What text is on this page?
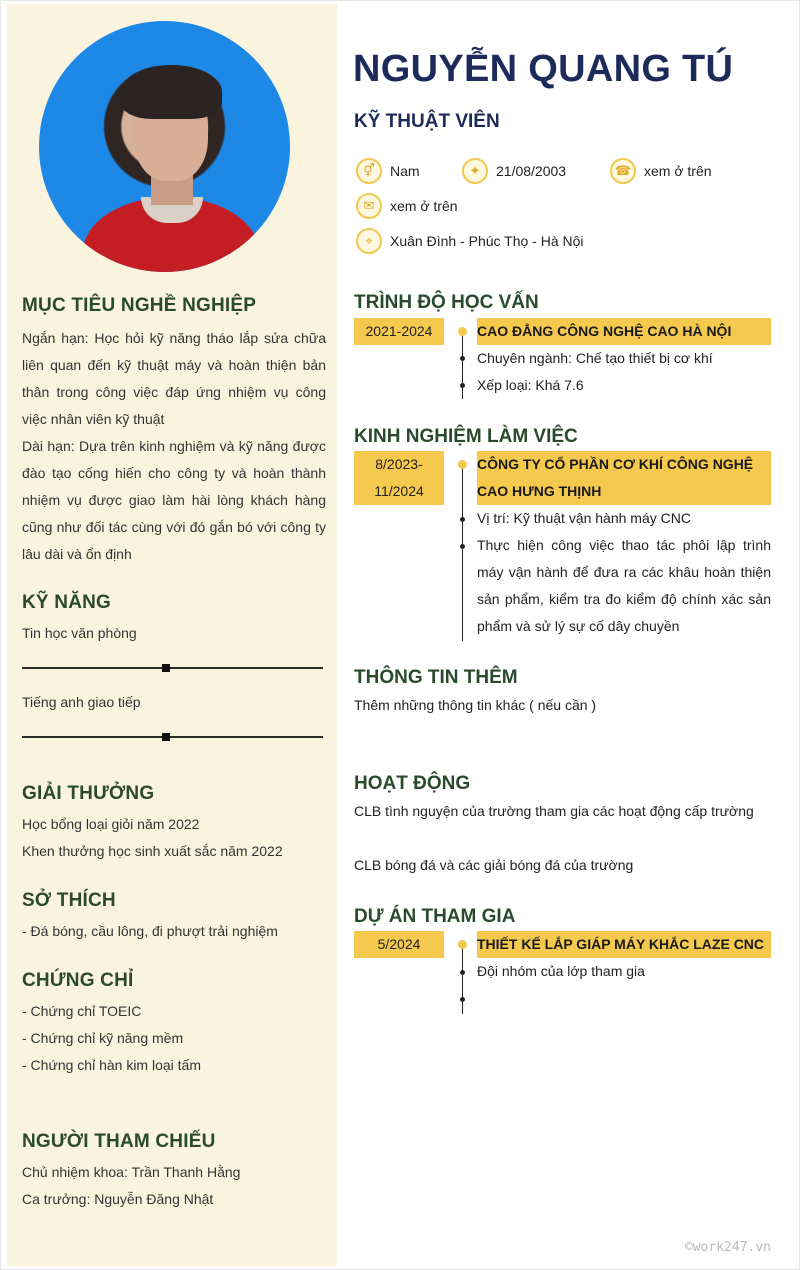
MỤC TIÊU NGHỀ NGHIỆP
Ngắn hạn: Học hỏi kỹ năng tháo lắp sửa chữa liên quan đến kỹ thuật máy và hoàn thiện bản thân trong công việc đáp ứng nhiệm vụ công việc nhân viên kỹ thuật
Dài hạn: Dựa trên kinh nghiệm và kỹ năng được đào tạo cống hiến cho công ty và hoàn thành nhiệm vụ được giao làm hài lòng khách hàng cũng như đối tác cùng với đó gắn bó với công ty lâu dài và ổn định
KỸ NĂNG
Tin học văn phòng
Tiếng anh giao tiếp
GIẢI THƯỞNG
Học bổng loại giỏi năm 2022
Khen thưởng học sinh xuất sắc năm 2022
SỞ THÍCH
- Đá bóng, cầu lông, đi phượt trải nghiệm
CHỨNG CHỈ
- Chứng chỉ TOEIC
- Chứng chỉ kỹ năng mềm
- Chứng chỉ hàn kim loại tấm
NGƯỜI THAM CHIẾU
Chủ nhiệm khoa: Trần Thanh Hằng
Ca trưởng: Nguyễn Đăng Nhật
NGUYỄN QUANG TÚ
KỸ THUẬT VIÊN
⚥	Nam	✦	21/08/2003	☎ xem ở trên
✉	xem ở trên
⌖	Xuân Đình - Phúc Thọ - Hà Nội
TRÌNH ĐỘ HỌC VẤN
2021-2024	CAO ĐẲNG CÔNG NGHỆ CAO HÀ NỘI
Chuyên ngành: Chế tạo thiết bị cơ khí
Xếp loại: Khá 7.6
KINH NGHIỆM LÀM VIỆC
8/2023-
11/2024
CÔNG TY CỔ PHẦN CƠ KHÍ CÔNG NGHỆ
CAO HƯNG THỊNH
Vị trí: Kỹ thuật vận hành máy CNC
Thực hiện công việc thao tác phôi lập trình máy vận hành để đưa ra các khâu hoàn thiện sản phẩm, kiểm tra đo kiểm độ chính xác sản phẩm và sử lý sự cố dây chuyền
THÔNG TIN THÊM
Thêm những thông tin khác ( nếu cần )
HOẠT ĐỘNG
CLB tình nguyện của trường tham gia các hoạt động cấp trường
CLB bóng đá và các giải bóng đá của trường
DỰ ÁN THAM GIA
5/2024	THIẾT KẾ LẮP GIÁP MÁY KHẮC LAZE CNC
Đội nhóm của lớp tham gia
©work247.vn
